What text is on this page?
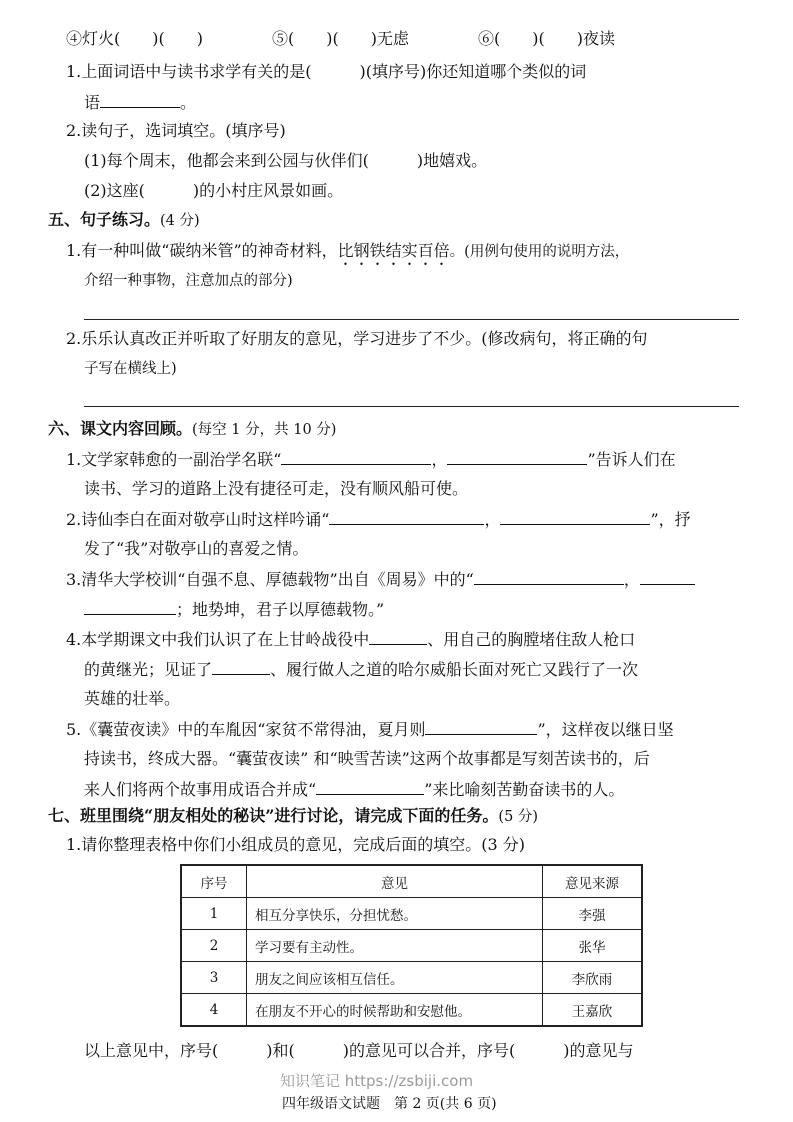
④灯火(　　)(　　)	⑤(　　)(　　)无虑	⑥(　　)(　　)夜读
1.上面词语中与读书求学有关的是(　　　)(填序号)你还知道哪个类似的词
语	。
2.读句子，选词填空。(填序号)
(1)每个周末，他都会来到公园与伙伴们(　　　)地嬉戏。
(2)这座(　　　)的小村庄风景如画。
五、句子练习。(4 分)
1.有一种叫做“碳纳米管”的神奇材料，比钢铁结实百倍。(用例句使用的说明方法，
介绍一种事物，注意加点的部分)
2.乐乐认真改正并听取了好朋友的意见，学习进步了不少。(修改病句，将正确的句
子写在横线上)
六、课文内容回顾。(每空 1 分，共 10 分)
1.文学家韩愈的一副治学名联“	，	”告诉人们在
读书、学习的道路上没有捷径可走，没有顺风船可使。
2.诗仙李白在面对敬亭山时这样吟诵“	，	”，抒
发了“我”对敬亭山的喜爱之情。
3.清华大学校训“自强不息、厚德载物”出自《周易》中的“	，
；地势坤，君子以厚德载物。”
4.本学期课文中我们认识了在上甘岭战役中	、用自己的胸膛堵住敌人枪口
的黄继光；见证了	、履行做人之道的哈尔威船长面对死亡又践行了一次
英雄的壮举。
5.《囊萤夜读》中的车胤因“家贫不常得油，夏月则	”，这样夜以继日坚
持读书，终成大器。“囊萤夜读” 和“映雪苦读”这两个故事都是写刻苦读书的，后
来人们将两个故事用成语合并成“	”来比喻刻苦勤奋读书的人。
七、班里围绕“朋友相处的秘诀”进行讨论，请完成下面的任务。(5 分)
1.请你整理表格中你们小组成员的意见，完成后面的填空。(3 分)
序号	意见	意见来源
1	相互分享快乐，分担忧愁。	李强
2	学习要有主动性。	张华
3	朋友之间应该相互信任。	李欣雨
4	在朋友不开心的时候帮助和安慰他。	王嘉欣
以上意见中，序号(　　　)和(　　　)的意见可以合并，序号(　　　)的意见与
知识笔记 https://zsbiji.com
四年级语文试题　第 2 页(共 6 页)
